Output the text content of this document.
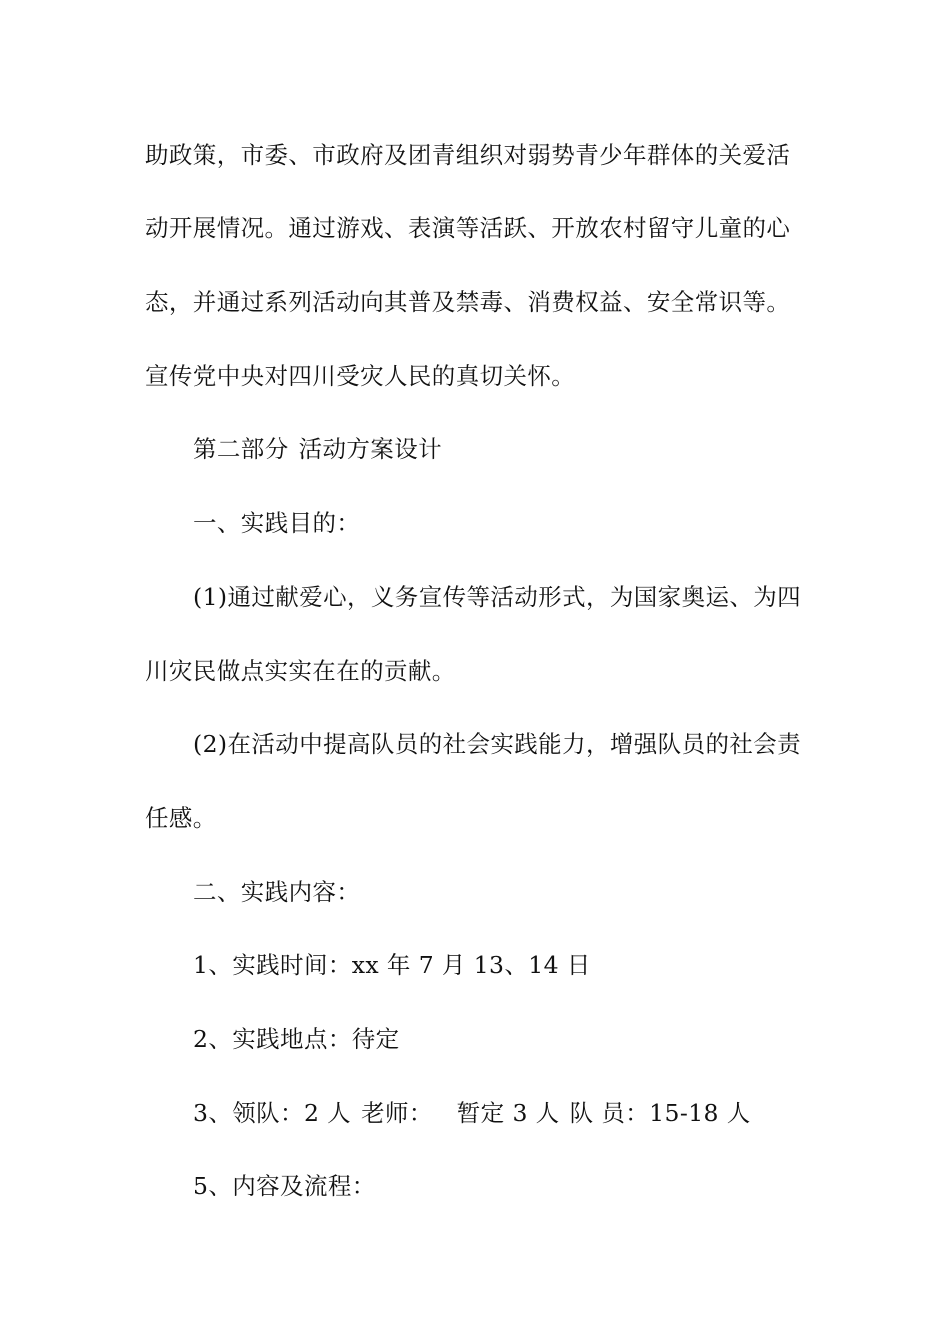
助政策，市委、市政府及团青组织对弱势青少年群体的关爱活
动开展情况。通过游戏、表演等活跃、开放农村留守儿童的心
态，并通过系列活动向其普及禁毒、消费权益、安全常识等。
宣传党中央对四川受灾人民的真切关怀。
第二部分 活动方案设计
一、实践目的：
(1)通过献爱心，义务宣传等活动形式，为国家奥运、为四
川灾民做点实实在在的贡献。
(2)在活动中提高队员的社会实践能力，增强队员的社会责
任感。
二、实践内容：
1、实践时间：xx 年 7 月 13、14 日
2、实践地点：待定
3、领队：2 人 老师： 暂定 3 人 队 员：15-18 人
5、内容及流程：
